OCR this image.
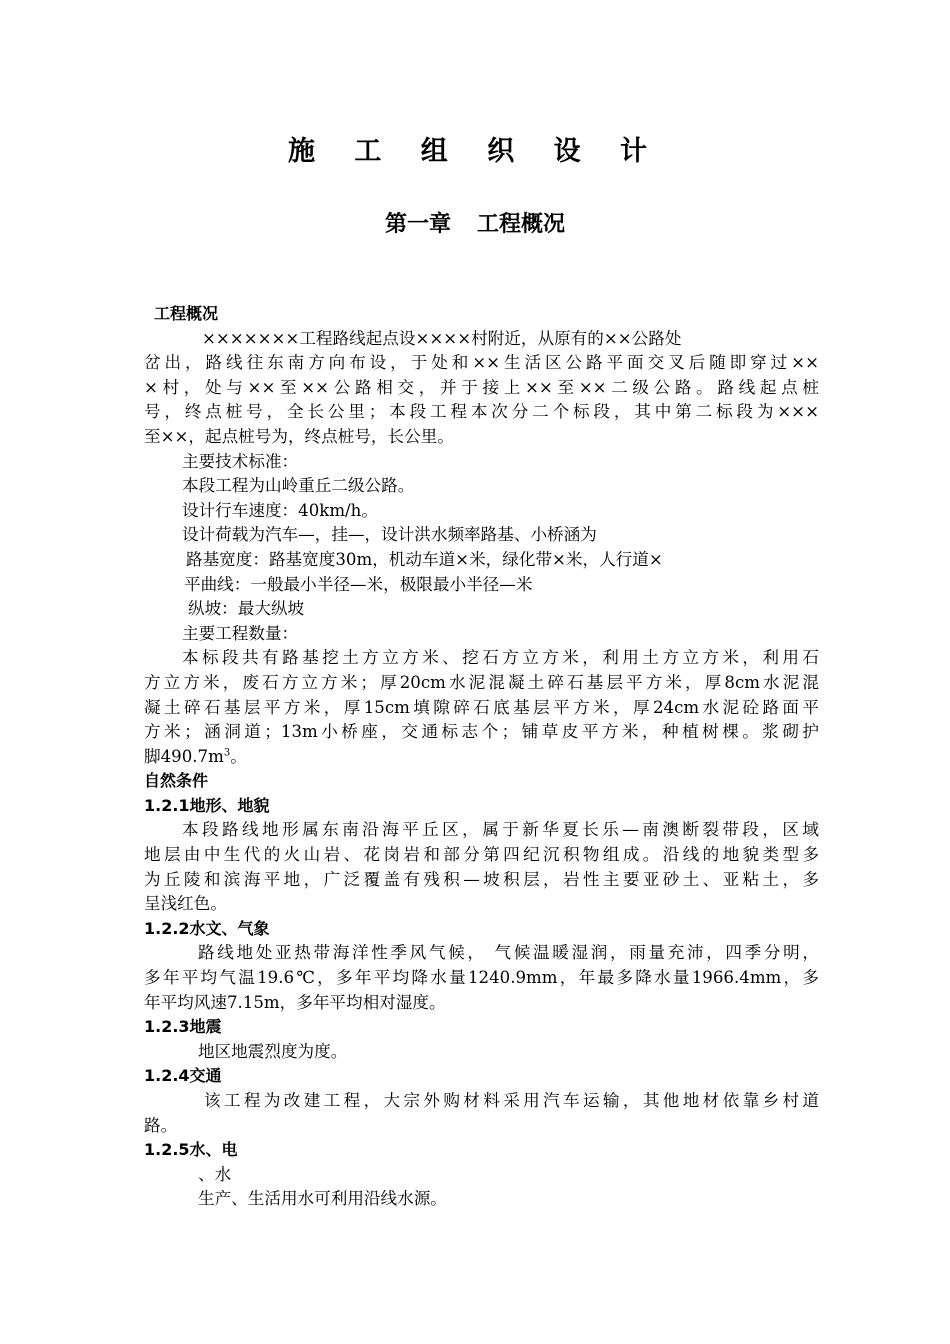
施 工 组 织 设 计
第一章 工程概况
工程概况
×××××××工程路线起点设××××村附近，从原有的××公路处
岔出，路线往东南方向布设，于处和××生活区公路平面交叉后随即穿过××
×村，处与××至××公路相交，并于接上××至××二级公路。路线起点桩
号，终点桩号，全长公里；本段工程本次分二个标段，其中第二标段为×××
至××，起点桩号为，终点桩号，长公里。
主要技术标准：
本段工程为山岭重丘二级公路。
设计行车速度：40km/h。
设计荷载为汽车—，挂—，设计洪水频率路基、小桥涵为
路基宽度：路基宽度30m，机动车道×米，绿化带×米，人行道×
平曲线：一般最小半径—米，极限最小半径—米
纵坡：最大纵坡
主要工程数量：
本标段共有路基挖土方立方米、挖石方立方米，利用土方立方米，利用石
方立方米，废石方立方米；厚20cm水泥混凝土碎石基层平方米，厚8cm水泥混
凝土碎石基层平方米，厚15cm填隙碎石底基层平方米，厚24cm水泥砼路面平
方米；涵洞道；13m小桥座，交通标志个；铺草皮平方米，种植树棵。浆砌护
脚$490.7m^3$。
自然条件
1.2.1地形、地貌
本段路线地形属东南沿海平丘区，属于新华夏长乐—南澳断裂带段，区域
地层由中生代的火山岩、花岗岩和部分第四纪沉积物组成。沿线的地貌类型多
为丘陵和滨海平地，广泛覆盖有残积—坡积层，岩性主要亚砂土、亚粘土，多
呈浅红色。
1.2.2水文、气象
路线地处亚热带海洋性季风气候， 气候温暖湿润，雨量充沛，四季分明，
多年平均气温19.6℃，多年平均降水量1240.9mm，年最多降水量1966.4mm，多
年平均风速7.15m，多年平均相对湿度。
1.2.3地震
地区地震烈度为度。
1.2.4交通
该工程为改建工程，大宗外购材料采用汽车运输，其他地材依靠乡村道
路。
1.2.5水、电
、水
生产、生活用水可利用沿线水源。
